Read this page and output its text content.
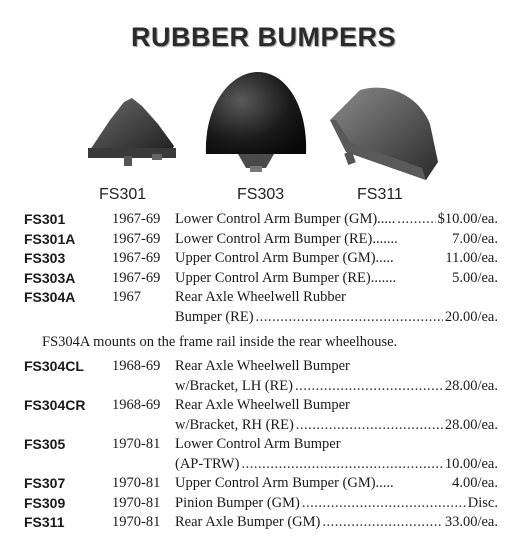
RUBBER BUMPERS
FS301	FS303	FS311
FS301	1967-69 Lower Control Arm Bumper (GM)..... .....	$10.00/ea.
FS301A	1967-69 Lower Control Arm Bumper (RE).......	7.00/ea.
FS303	1967-69 Upper Control Arm Bumper (GM).....	11.00/ea.
FS303A	1967-69 Upper Control Arm Bumper (RE).......	5.00/ea.
FS304A	1967 Rear Axle Wheelwell Rubber
Bumper (RE) .....	20.00/ea.
FS304A mounts on the frame rail inside the rear wheelhouse.
FS304CL 1968-69 Rear Axle Wheelwell Bumper
w/Bracket, LH (RE) .....	28.00/ea.
FS304CR 1968-69 Rear Axle Wheelwell Bumper
w/Bracket, RH (RE) .....	28.00/ea.
FS305	1970-81 Lower Control Arm Bumper
(AP-TRW) .....	10.00/ea.
FS307	1970-81 Upper Control Arm Bumper (GM).....	4.00/ea.
FS309	1970-81 Pinion Bumper (GM) .....	Disc.
FS311	1970-81 Rear Axle Bumper (GM) .....	33.00/ea.
